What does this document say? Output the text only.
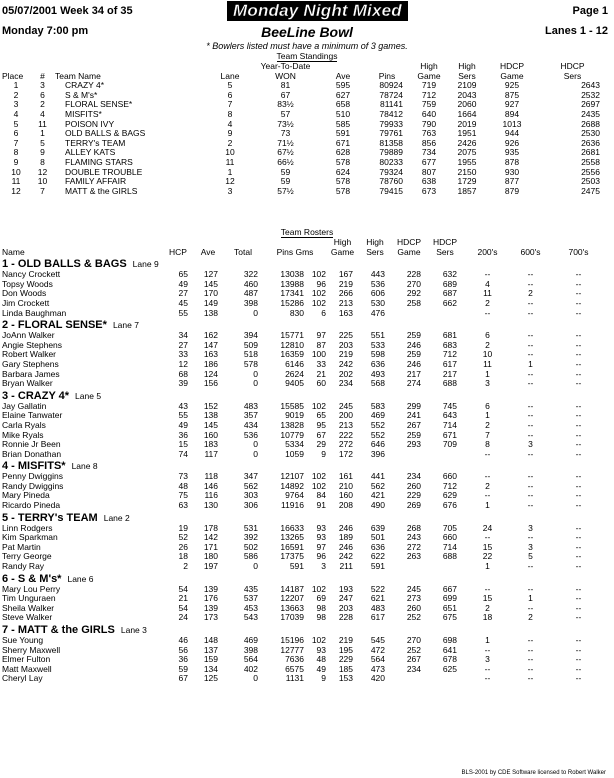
05/07/2001 Week 34 of 35	Monday Night Mixed	Page 1
Monday 7:00 pm	BeeLine Bowl	Lanes 1 - 12
* Bowlers listed must have a minimum of 3 games.
Team Standings
				Year-To-Date			High	High	HDCP	HDCP
Place	#	Team Name	Lane	WON	Ave	Pins	Game	Sers	Game	Sers
1	3	CRAZY 4*	5	81	595	80924	719	2109	925	2643
2	6	S & M's*	6	67	627	78724	712	2043	875	2532
3	2	FLORAL SENSE*	7	83½	658	81141	759	2060	927	2697
4	4	MISFITS*	8	57	510	78412	640	1664	894	2435
5	11	POISON IVY	4	73½	585	79933	790	2019	1013	2688
6	1	OLD BALLS & BAGS	9	73	591	79761	763	1951	944	2530
7	5	TERRY's TEAM	2	71½	671	81358	856	2426	926	2636
8	9	ALLEY KATS	10	67½	628	79889	734	2075	935	2681
9	8	FLAMING STARS	11	66½	578	80233	677	1955	878	2558
10	12	DOUBLE TROUBLE	1	59	624	79324	807	2150	930	2556
11	10	FAMILY AFFAIR	12	59	578	78760	638	1729	877	2503
12	7	MATT & the GIRLS	3	57½	578	79415	673	1857	879	2475
Team Rosters
						High	High	HDCP	HDCP			
Name	HCP	Ave	Total	Pins Gms		Game	Sers	Game	Sers	200's	600's	700's
1 - OLD BALLS & BAGS Lane 9												
Nancy Crockett	65	127	322	13038	102	167	443	228	632	--	--	--
Topsy Woods	49	145	460	13988	96	219	536	270	689	4	--	--
Don Woods	27	170	487	17341	102	266	606	292	687	11	2	--
Jim Crockett	45	149	398	15286	102	213	530	258	662	2	--	--
Linda Baughman	55	138	0	830	6	163	476			--	--	--
2 - FLORAL SENSE* Lane 7												
JoAnn Walker	34	162	394	15771	97	225	551	259	681	6	--	--
Angie Stephens	27	147	509	12810	87	203	533	246	683	2	--	--
Robert Walker	33	163	518	16359	100	219	598	259	712	10	--	--
Gary Stephens	12	186	578	6146	33	242	636	246	617	11	1	--
Barbara James	68	124	0	2624	21	202	493	217	217	1	--	--
Bryan Walker	39	156	0	9405	60	234	568	274	688	3	--	--
3 - CRAZY 4* Lane 5												
Jay Gallatin	43	152	483	15585	102	245	583	299	745	6	--	--
Elaine Tanwater	55	138	357	9019	65	200	469	241	643	1	--	--
Carla Ryals	49	145	434	13828	95	213	552	267	714	2	--	--
Mike Ryals	36	160	536	10779	67	222	552	259	671	7	--	--
Ronnie Jr Been	15	183	0	5334	29	272	646	293	709	8	3	--
Brian Donathan	74	117	0	1059	9	172	396			--	--	--
4 - MISFITS* Lane 8												
Penny Dwiggins	73	118	347	12107	102	161	441	234	660	--	--	--
Randy Dwiggins	48	146	562	14892	102	210	562	260	712	2	--	--
Mary Pineda	75	116	303	9764	84	160	421	229	629	--	--	--
Ricardo Pineda	63	130	306	11916	91	208	490	269	676	1	--	--
5 - TERRY's TEAM Lane 2												
Linn Rodgers	19	178	531	16633	93	246	639	268	705	24	3	--
Kim Sparkman	52	142	392	13265	93	189	501	243	660	--	--	--
Pat Martin	26	171	502	16591	97	246	636	272	714	15	3	--
Terry George	18	180	586	17375	96	242	622	263	688	22	5	--
Randy Ray	2	197	0	591	3	211	591			1	--	--
6 - S & M's* Lane 6												
Mary Lou Perry	54	139	435	14187	102	193	522	245	667	--	--	--
Tim Unguraen	21	176	537	12207	69	247	621	273	699	15	1	--
Sheila Walker	54	139	453	13663	98	203	483	260	651	2	--	--
Steve Walker	24	173	543	17039	98	228	617	252	675	18	2	--
7 - MATT & the GIRLS Lane 3												
Sue Young	46	148	469	15196	102	219	545	270	698	1	--	--
Sherry Maxwell	56	137	398	12777	93	195	472	252	641	--	--	--
Elmer Fulton	36	159	564	7636	48	229	564	267	678	3	--	--
Matt Maxwell	59	134	402	6575	49	185	473	234	625	--	--	--
Cheryl Lay	67	125	0	1131	9	153	420			--	--	--
BLS-2001 by CDE Software licensed to Robert Walker
